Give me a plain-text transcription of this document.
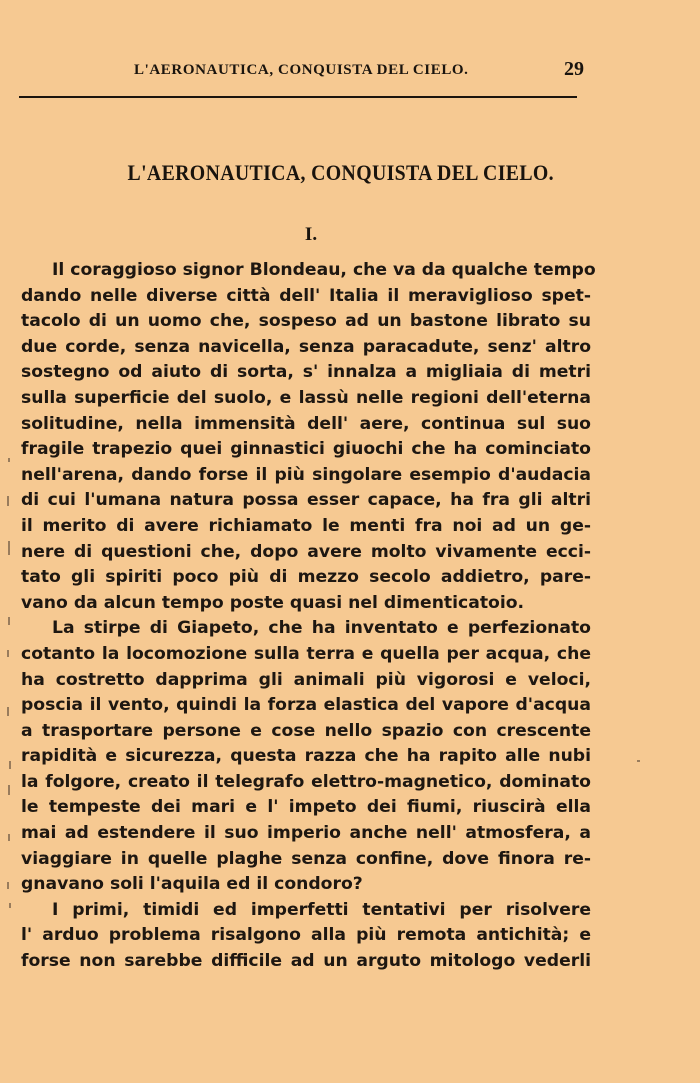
L'AERONAUTICA, CONQUISTA DEL CIELO.	29
L'AERONAUTICA, CONQUISTA DEL CIELO.
I.
Il coraggioso signor Blondeau, che va da qualche tempo
dando nelle diverse città dell' Italia il meraviglioso spet-
tacolo di un uomo che, sospeso ad un bastone librato su
due corde, senza navicella, senza paracadute, senz' altro
sostegno od aiuto di sorta, s' innalza a migliaia di metri
sulla superficie del suolo, e lassù nelle regioni dell'eterna
solitudine, nella immensità dell' aere, continua sul suo
fragile trapezio quei ginnastici giuochi che ha cominciato
nell'arena, dando forse il più singolare esempio d'audacia
di cui l'umana natura possa esser capace, ha fra gli altri
il merito di avere richiamato le menti fra noi ad un ge-
nere di questioni che, dopo avere molto vivamente ecci-
tato gli spiriti poco più di mezzo secolo addietro, pare-
vano da alcun tempo poste quasi nel dimenticatoio.
La stirpe di Giapeto, che ha inventato e perfezionato
cotanto la locomozione sulla terra e quella per acqua, che
ha costretto dapprima gli animali più vigorosi e veloci,
poscia il vento, quindi la forza elastica del vapore d'acqua
a trasportare persone e cose nello spazio con crescente
rapidità e sicurezza, questa razza che ha rapito alle nubi
la folgore, creato il telegrafo elettro-magnetico, dominato
le tempeste dei mari e l' impeto dei fiumi, riuscirà ella
mai ad estendere il suo imperio anche nell' atmosfera, a
viaggiare in quelle plaghe senza confine, dove finora re-
gnavano soli l'aquila ed il condoro?
I primi, timidi ed imperfetti tentativi per risolvere
l' arduo problema risalgono alla più remota antichità; e
forse non sarebbe difficile ad un arguto mitologo vederli
